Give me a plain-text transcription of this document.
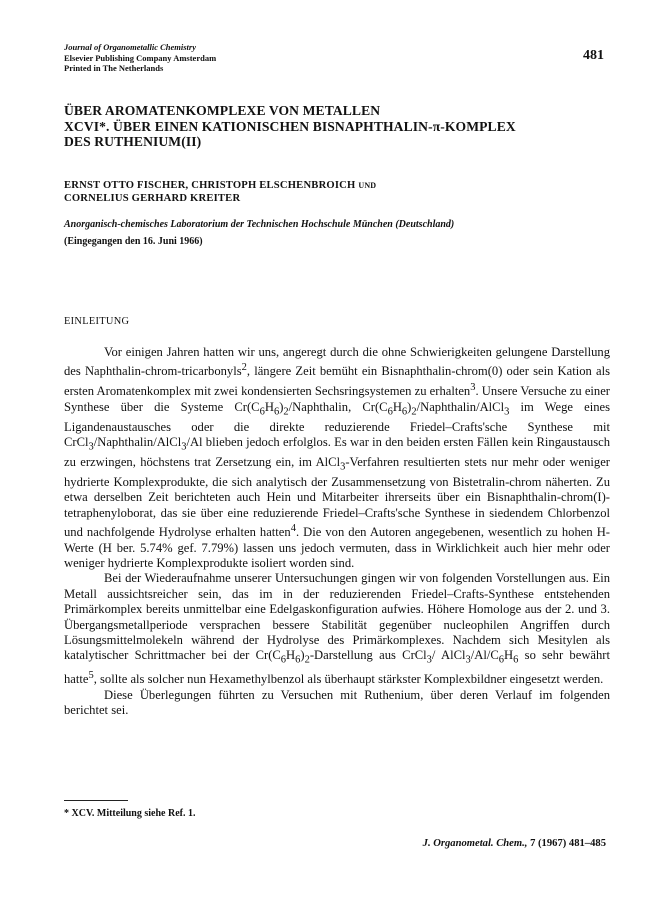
Journal of Organometallic Chemistry
Elsevier Publishing Company Amsterdam
Printed in The Netherlands
481
ÜBER AROMATENKOMPLEXE VON METALLEN
XCVI*. ÜBER EINEN KATIONISCHEN BISNAPHTHALIN-π-KOMPLEX
DES RUTHENIUM(II)
ERNST OTTO FISCHER, CHRISTOPH ELSCHENBROICH UND
CORNELIUS GERHARD KREITER
Anorganisch-chemisches Laboratorium der Technischen Hochschule München (Deutschland)
(Eingegangen den 16. Juni 1966)
EINLEITUNG

Vor einigen Jahren hatten wir uns, angeregt durch die ohne Schwierigkeiten gelungene Darstellung des Naphthalin-chrom-tricarbonyls$^2$, längere Zeit bemüht ein Bisnaphthalin-chrom(0) oder sein Kation als ersten Aromatenkomplex mit zwei kondensierten Sechsringsystemen zu erhalten$^3$. Unsere Versuche zu einer Synthese über die Systeme $Cr(C_6H_6)_2$/Naphthalin, $Cr(C_6H_6)_2/Naphthalin/AlCl_3$ im Wege eines Ligandenaustausches oder die direkte reduzierende Friedel–Crafts'sche Synthese mit CrCl$_3$/Naphthalin/AlCl$_3$/Al blieben jedoch erfolglos. Es war in den beiden ersten Fällen kein Ringaustausch zu erzwingen, höchstens trat Zersetzung ein, im AlCl$_3$-Verfahren resultierten stets nur mehr oder weniger hydrierte Komplexprodukte, die sich analytisch der Zusammensetzung von Bistetralin-chrom näherten. Zu etwa derselben Zeit berichteten auch Hein und Mitarbeiter ihrerseits über ein Bisnaphthalin-chrom(I)-tetraphenyloborat, das sie über eine reduzierende Friedel–Crafts'sche Synthese in siedendem Chlorbenzol und nachfolgende Hydrolyse erhalten hatten$^4$. Die von den Autoren angegebenen, wesentlich zu hohen H-Werte (H ber. 5.74% gef. 7.79%) lassen uns jedoch vermuten, dass in Wirklichkeit auch hier mehr oder weniger hydrierte Komplexprodukte isoliert worden sind.

Bei der Wiederaufnahme unserer Untersuchungen gingen wir von folgenden Vorstellungen aus. Ein Metall aussichtsreicher sein, das im in der reduzierenden Friedel–Crafts-Synthese entstehenden Primärkomplex bereits unmittelbar eine Edelgaskonfiguration aufwies. Höhere Homologe aus der 2. und 3. Übergangsmetallperiode versprachen bessere Stabilität gegenüber nucleophilen Angriffen durch Lösungsmittelmolekeln während der Hydrolyse des Primärkomplexes. Nachdem sich Mesitylen als katalytischer Schrittmacher bei der $Cr(C_6H_6)_2$-Darstellung aus CrCl$_3$/ $AlCl_3/Al/C_6H_6$ so sehr bewährt hatte$^5$, sollte als solcher nun Hexamethylbenzol als überhaupt stärkster Komplexbildner eingesetzt werden.

Diese Überlegungen führten zu Versuchen mit Ruthenium, über deren Verlauf im folgenden berichtet sei.

* XCV. Mitteilung siehe Ref. 1.
J. Organometal. Chem., 7 (1967) 481–485
